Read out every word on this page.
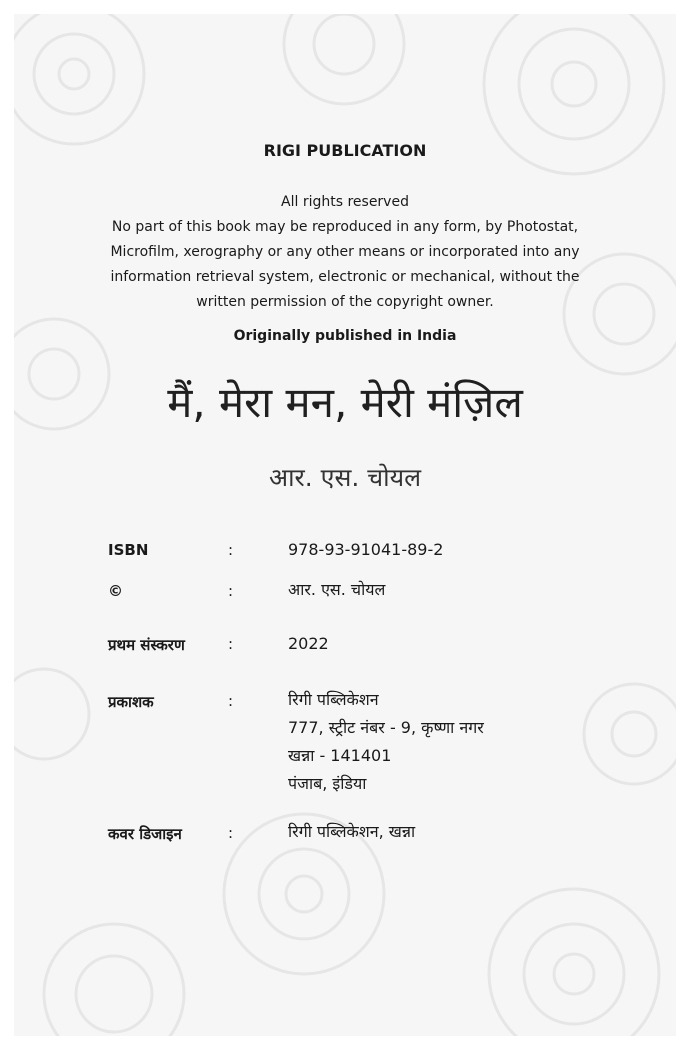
RIGI PUBLICATION
All rights reserved
No part of this book may be reproduced in any form, by Photostat,
Microfilm, xerography or any other means or incorporated into any
information retrieval system, electronic or mechanical, without the
written permission of the copyright owner.
Originally published in India
मैं, मेरा मन, मेरी मंज़िल
आर. एस. चोयल
ISBN	:	978-93-91041-89-2
©	:	आर. एस. चोयल
प्रथम संस्करण	:	2022
प्रकाशक	:	रिगी पब्लिकेशन
777, स्ट्रीट नंबर - 9, कृष्णा नगर
खन्ना - 141401
पंजाब, इंडिया
कवर डिजाइन	:	रिगी पब्लिकेशन, खन्ना
